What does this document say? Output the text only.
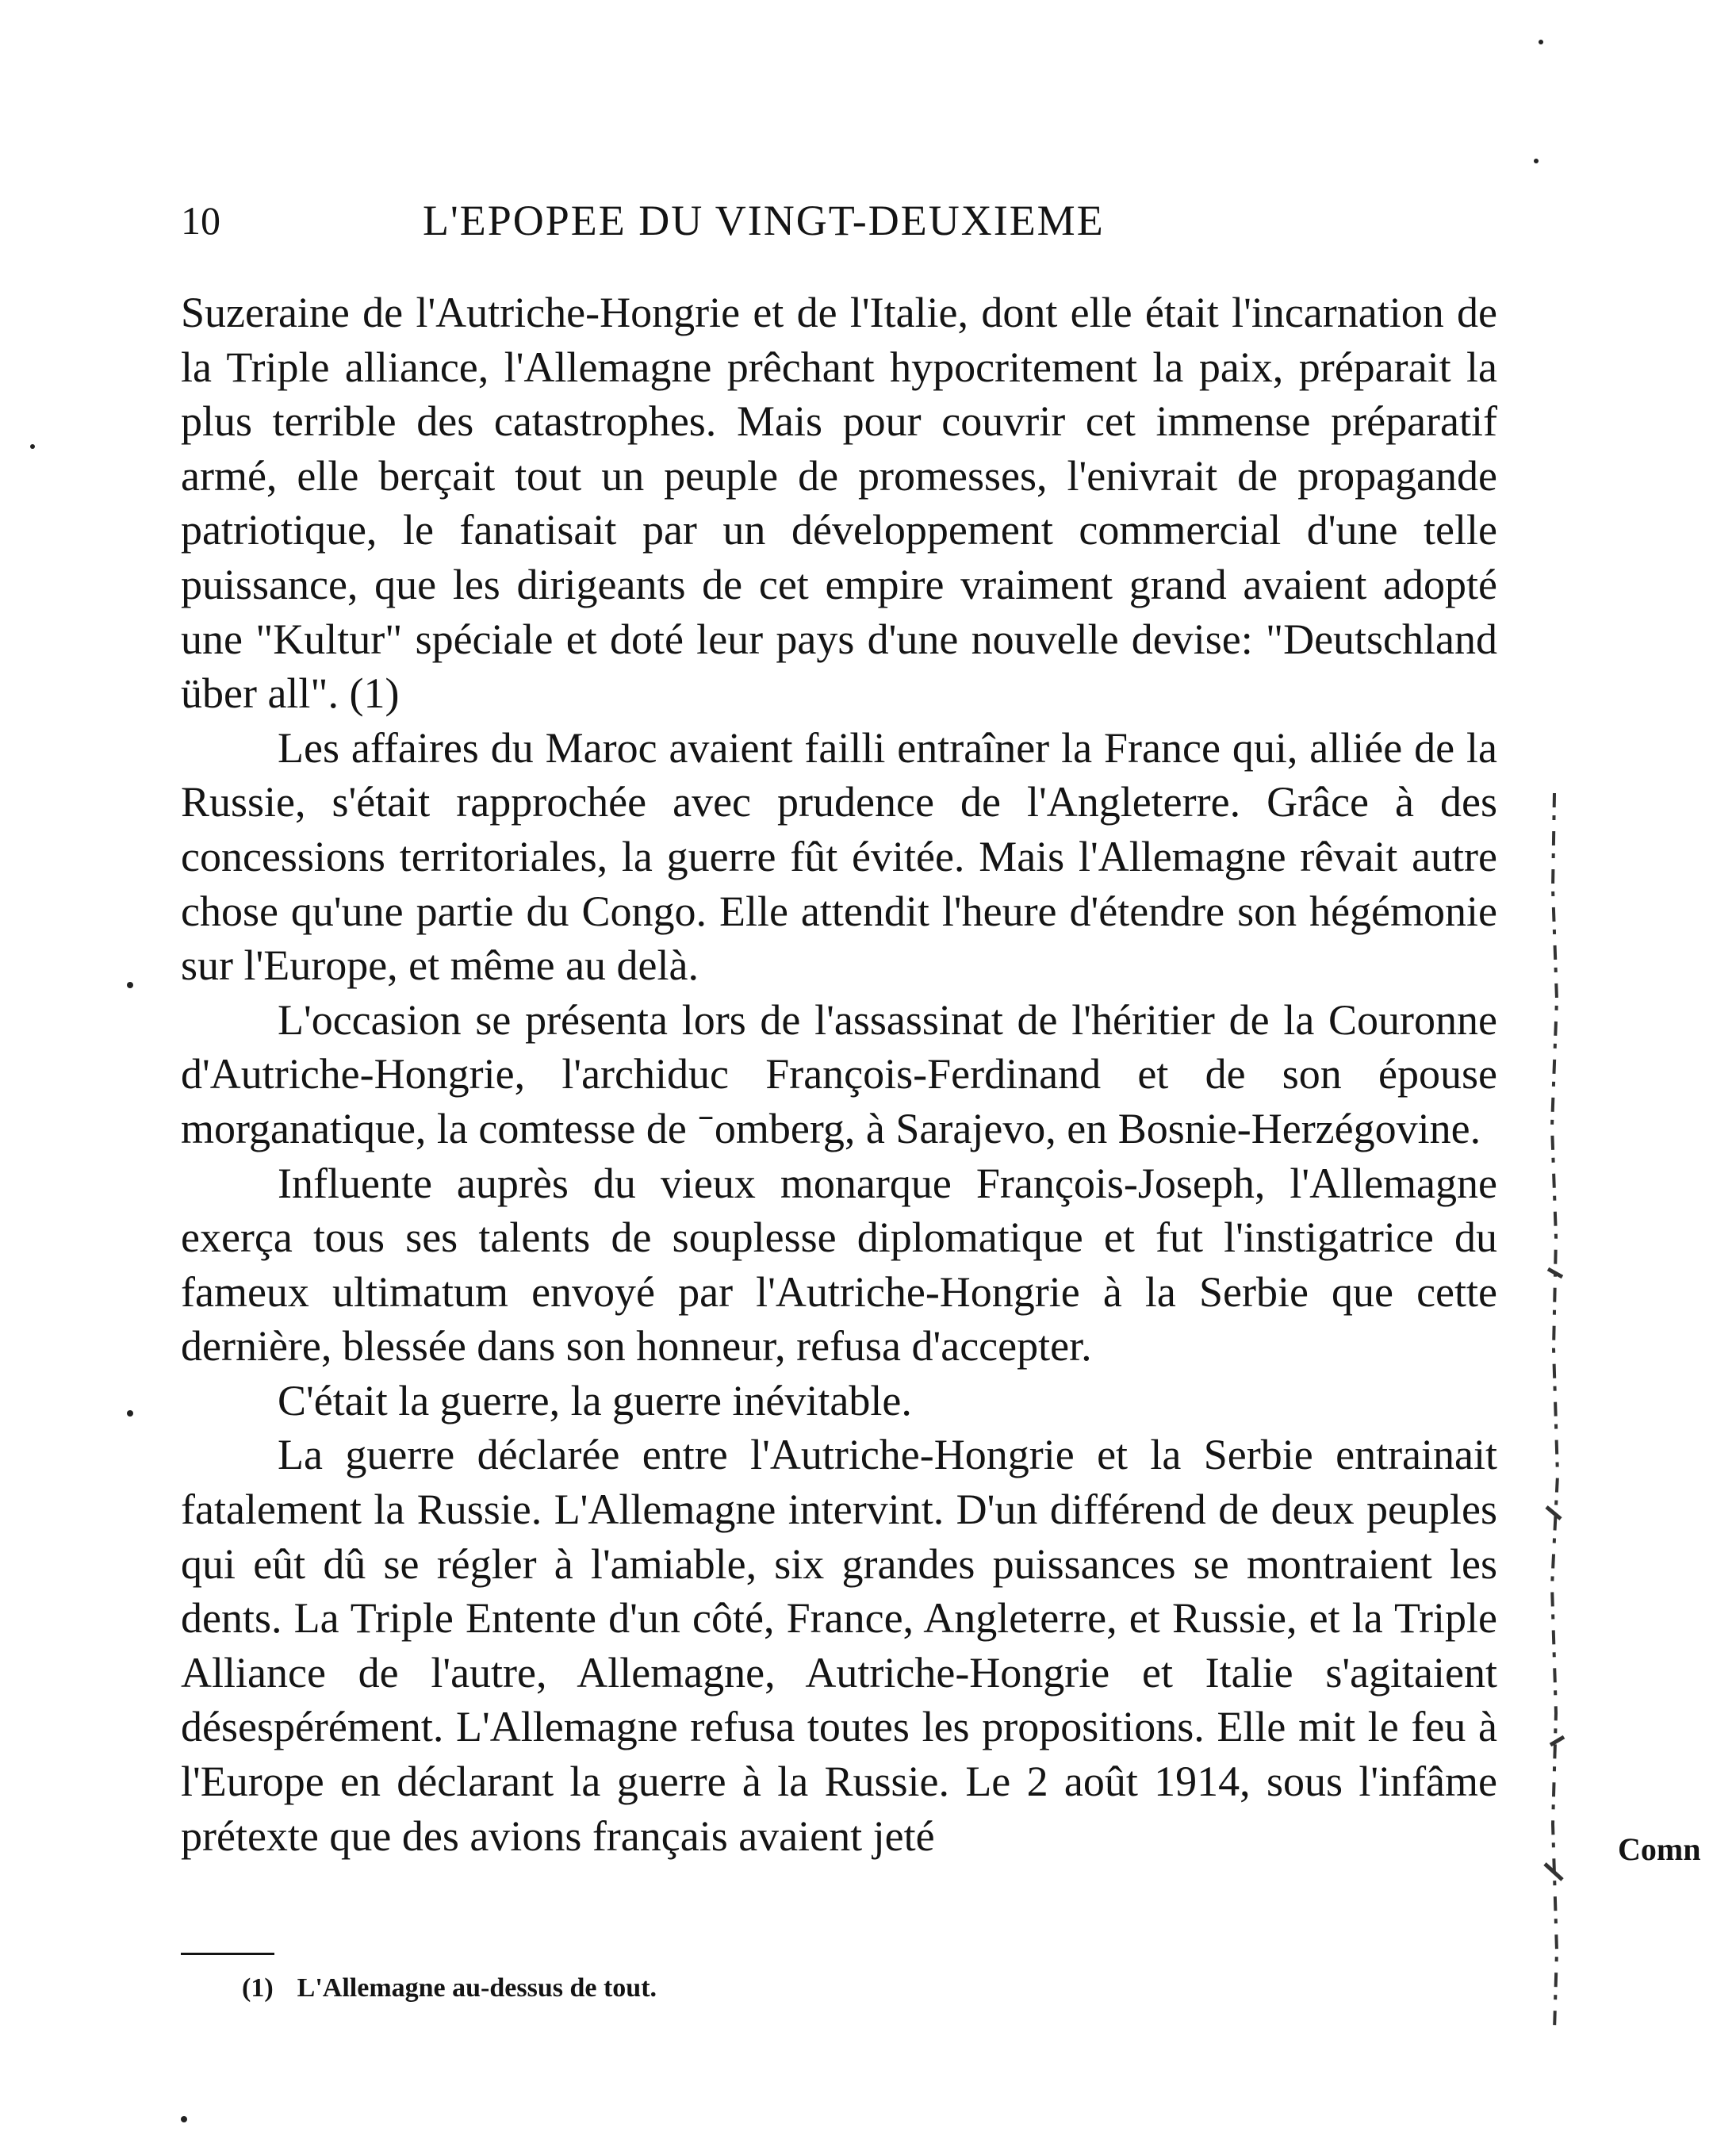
10	L'EPOPEE DU VINGT-DEUXIEME

Suzeraine de l'Autriche-Hongrie et de l'Italie, dont elle était l'incarnation de la Triple alliance, l'Allemagne prêchant hypocritement la paix, préparait la plus terrible des catastrophes. Mais pour couvrir cet immense préparatif armé, elle berçait tout un peuple de promesses, l'enivrait de propagande patriotique, le fanatisait par un développement commercial d'une telle puissance, que les dirigeants de cet empire vraiment grand avaient adopté une "Kultur" spéciale et doté leur pays d'une nouvelle devise: "Deutschland über all". (1)

Les affaires du Maroc avaient failli entraîner la France qui, alliée de la Russie, s'était rapprochée avec prudence de l'Angleterre. Grâce à des concessions territoriales, la guerre fût évitée. Mais l'Allemagne rêvait autre chose qu'une partie du Congo. Elle attendit l'heure d'étendre son hégémonie sur l'Europe, et même au delà.

L'occasion se présenta lors de l'assassinat de l'héritier de la Couronne d'Autriche-Hongrie, l'archiduc François-Ferdinand et de son épouse morganatique, la comtesse de  ̄ omberg, à Sarajevo, en Bosnie-Herzégovine.

Influente auprès du vieux monarque François-Joseph, l'Allemagne exerça tous ses talents de souplesse diplomatique et fut l'instigatrice du fameux ultimatum envoyé par l'Autriche-Hongrie à la Serbie que cette dernière, blessée dans son honneur, refusa d'accepter.

C'était la guerre, la guerre inévitable.

La guerre déclarée entre l'Autriche-Hongrie et la Serbie entrainait fatalement la Russie. L'Allemagne intervint. D'un différend de deux peuples qui eût dû se régler à l'amiable, six grandes puissances se montraient les dents. La Triple Entente d'un côté, France, Angleterre, et Russie, et la Triple Alliance de l'autre, Allemagne, Autriche-Hongrie et Italie s'agitaient désespérément. L'Allemagne refusa toutes les propositions. Elle mit le feu à l'Europe en déclarant la guerre à la Russie. Le 2 août 1914, sous l'infâme prétexte que des avions français avaient jeté

(1) L'Allemagne au-dessus de tout.
Comn
